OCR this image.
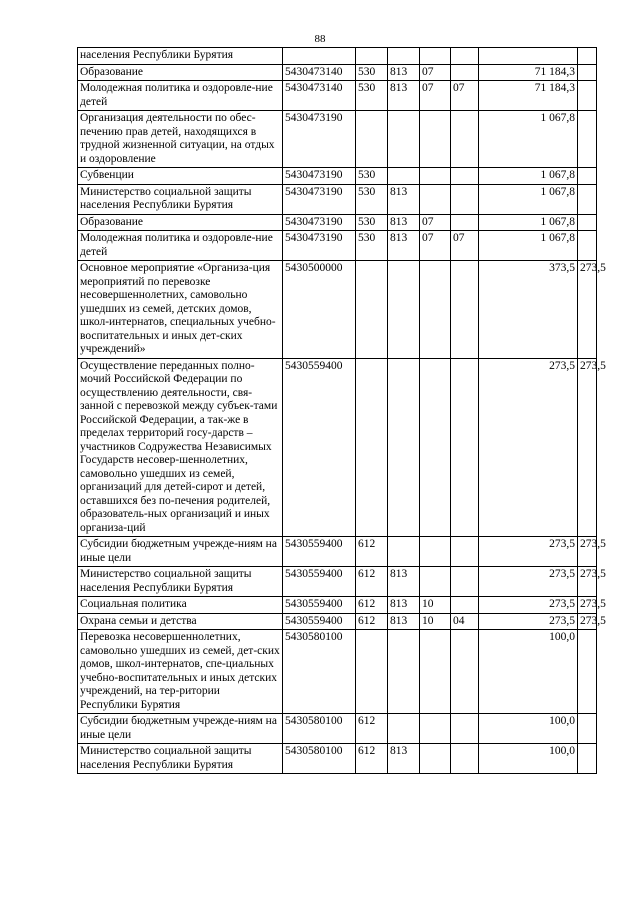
88
населения Республики Бурятия							
Образование	5430473140	530	813	07		71 184,3	
Молодежная политика и оздоровле-ние детей	5430473140	530	813	07	07	71 184,3	
Организация деятельности по обес-печению прав детей, находящихся в трудной жизненной ситуации, на отдых и оздоровление	5430473190					1 067,8	
Субвенции	5430473190	530				1 067,8	
Министерство социальной защиты населения Республики Бурятия	5430473190	530	813			1 067,8	
Образование	5430473190	530	813	07		1 067,8	
Молодежная политика и оздоровле-ние детей	5430473190	530	813	07	07	1 067,8	
Основное мероприятие «Организа-ция мероприятий по перевозке несовершеннолетних, самовольно ушедших из семей, детских домов, школ-интернатов, специальных учебно-воспитательных и иных дет-ских учреждений»	5430500000					373,5	273,5
Осуществление переданных полно-мочий Российской Федерации по осуществлению деятельности, свя-занной с перевозкой между субъек-тами Российской Федерации, а так-же в пределах территорий госу-дарств – участников Содружества Независимых Государств несовер-шеннолетних, самовольно ушедших из семей, организаций для детей-сирот и детей, оставшихся без по-печения родителей, образователь-ных организаций и иных организа-ций	5430559400					273,5	273,5
Субсидии бюджетным учрежде-ниям на иные цели	5430559400	612				273,5	273,5
Министерство социальной защиты населения Республики Бурятия	5430559400	612	813			273,5	273,5
Социальная политика	5430559400	612	813	10		273,5	273,5
Охрана семьи и детства	5430559400	612	813	10	04	273,5	273,5
Перевозка несовершеннолетних, самовольно ушедших из семей, дет-ских домов, школ-интернатов, спе-циальных учебно-воспитательных и иных детских учреждений, на тер-ритории Республики Бурятия	5430580100					100,0	
Субсидии бюджетным учрежде-ниям на иные цели	5430580100	612				100,0	
Министерство социальной защиты населения Республики Бурятия	5430580100	612	813			100,0	
